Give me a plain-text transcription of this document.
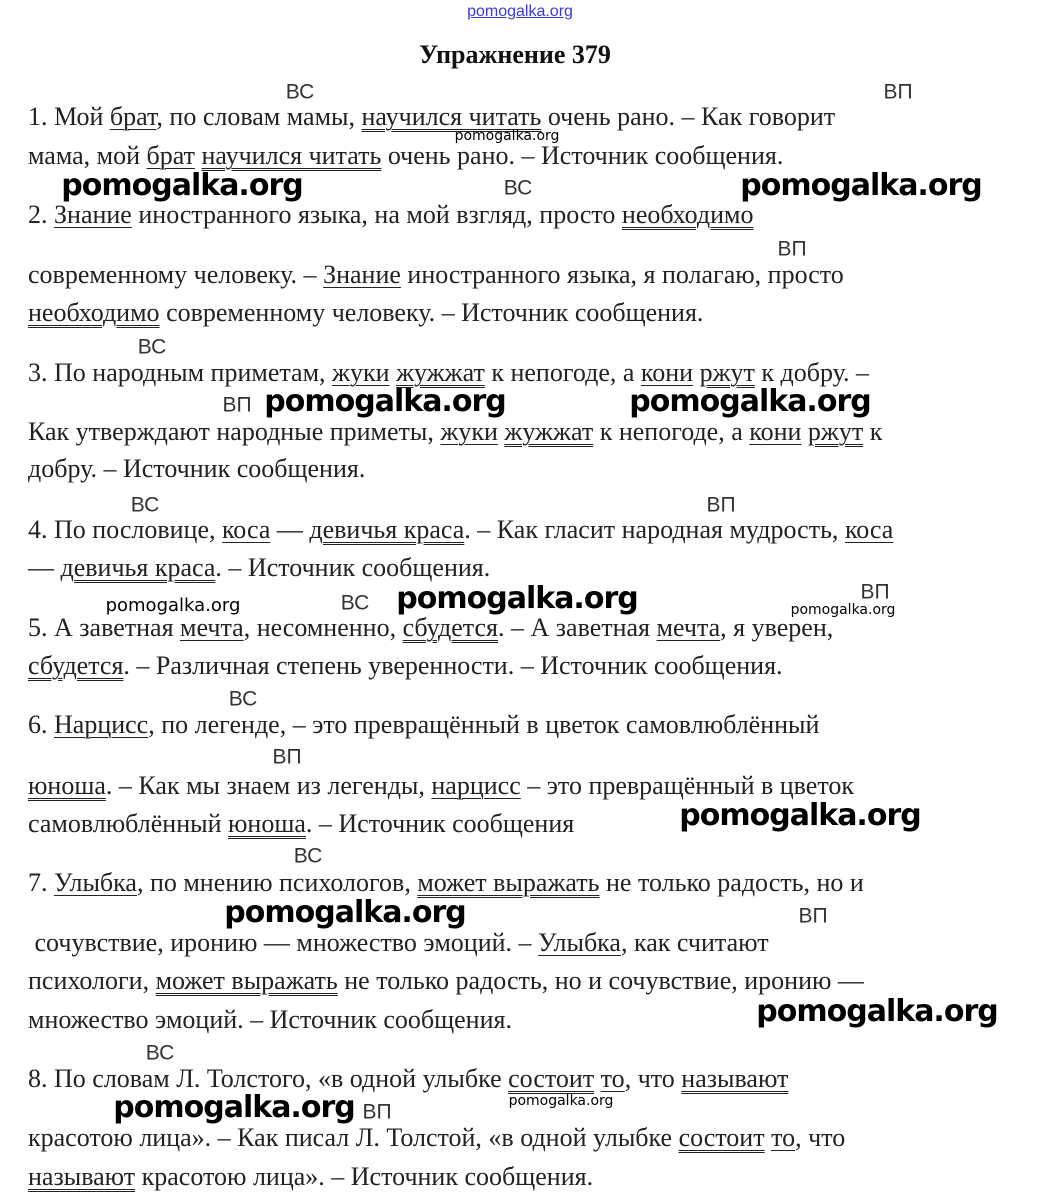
pomogalka.org
Упражнение 379
1. Мой брат, по словам мамы, научился читать очень рано. – Как говорит
мама, мой брат научился читать очень рано. – Источник сообщения.
2. Знание иностранного языка, на мой взгляд, просто необходимо
современному человеку. – Знание иностранного языка, я полагаю, просто
необходимо современному человеку. – Источник сообщения.
3. По народным приметам, жуки жужжат к непогоде, а кони ржут к добру. –
Как утверждают народные приметы, жуки жужжат к непогоде, а кони ржут к
добру. – Источник сообщения.
4. По пословице, коса — девичья краса. – Как гласит народная мудрость, коса
— девичья краса. – Источник сообщения.
5. А заветная мечта, несомненно, сбудется. – А заветная мечта, я уверен,
сбудется. – Различная степень уверенности. – Источник сообщения.
6. Нарцисс, по легенде, – это превращённый в цветок самовлюблённый
юноша. – Как мы знаем из легенды, нарцисс – это превращённый в цветок
самовлюблённый юноша. – Источник сообщения
7. Улыбка, по мнению психологов, может выражать не только радость, но и
сочувствие, иронию — множество эмоций. – Улыбка, как считают
психологи, может выражать не только радость, но и сочувствие, иронию —
множество эмоций. – Источник сообщения.
8. По словам Л. Толстого, «в одной улыбке состоит то, что называют
красотою лица». – Как писал Л. Толстой, «в одной улыбке состоит то, что
называют красотою лица». – Источник сообщения.
ВС	ВП
ВС
ВП
ВС
ВП
ВС	ВП
ВС	ВП
ВС
ВП
ВС
ВП
ВС
ВП
pomogalka.org	pomogalka.org
pomogalka.org	pomogalka.org
pomogalka.org
pomogalka.org
pomogalka.org
pomogalka.org
pomogalka.org
pomogalka.org
pomogalka.org
pomogalka.org
pomogalka.org
